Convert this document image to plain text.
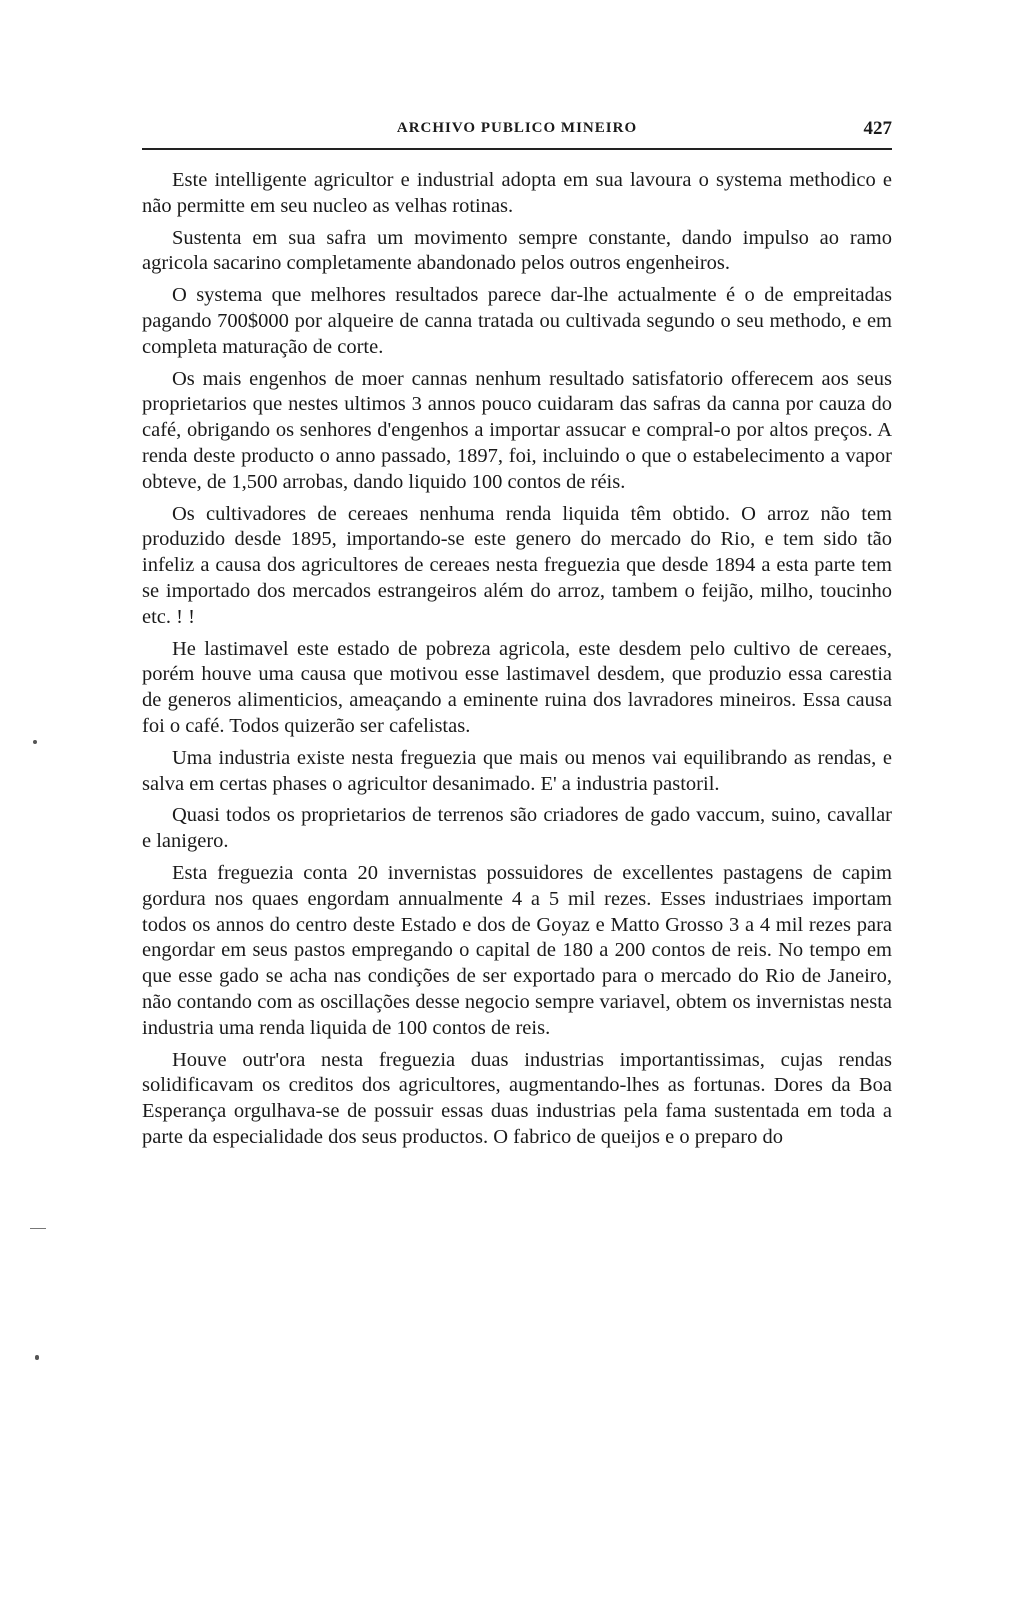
ARCHIVO PUBLICO MINEIRO	427

Este intelligente agricultor e industrial adopta em sua lavoura o systema methodico e não permitte em seu nucleo as velhas rotinas.

Sustenta em sua safra um movimento sempre constante, dando impulso ao ramo agricola sacarino completamente abandonado pelos outros engenheiros.

O systema que melhores resultados parece dar-lhe actualmente é o de empreitadas pagando 700$000 por alqueire de canna tratada ou cultivada segundo o seu methodo, e em completa maturação de corte.

Os mais engenhos de moer cannas nenhum resultado satisfatorio offerecem aos seus proprietarios que nestes ultimos 3 annos pouco cuidaram das safras da canna por cauza do café, obrigando os senhores d'engenhos a importar assucar e compral-o por altos preços. A renda deste producto o anno passado, 1897, foi, incluindo o que o estabelecimento a vapor obteve, de 1,500 arrobas, dando liquido 100 contos de réis.

Os cultivadores de cereaes nenhuma renda liquida têm obtido. O arroz não tem produzido desde 1895, importando-se este genero do mercado do Rio, e tem sido tão infeliz a causa dos agricultores de cereaes nesta freguezia que desde 1894 a esta parte tem se importado dos mercados estrangeiros além do arroz, tambem o feijão, milho, toucinho etc. ! !

He lastimavel este estado de pobreza agricola, este desdem pelo cultivo de cereaes, porém houve uma causa que motivou esse lastimavel desdem, que produzio essa carestia de generos alimenticios, ameaçando a eminente ruina dos lavradores mineiros. Essa causa foi o café. Todos quizerão ser cafelistas.

Uma industria existe nesta freguezia que mais ou menos vai equilibrando as rendas, e salva em certas phases o agricultor desanimado. E' a industria pastoril.

Quasi todos os proprietarios de terrenos são criadores de gado vaccum, suino, cavallar e lanigero.

Esta freguezia conta 20 invernistas possuidores de excellentes pastagens de capim gordura nos quaes engordam annualmente 4 a 5 mil rezes. Esses industriaes importam todos os annos do centro deste Estado e dos de Goyaz e Matto Grosso 3 a 4 mil rezes para engordar em seus pastos empregando o capital de 180 a 200 contos de reis. No tempo em que esse gado se acha nas condições de ser exportado para o mercado do Rio de Janeiro, não contando com as oscillações desse negocio sempre variavel, obtem os invernistas nesta industria uma renda liquida de 100 contos de reis.

Houve outr'ora nesta freguezia duas industrias importantissimas, cujas rendas solidificavam os creditos dos agricultores, augmentando-lhes as fortunas. Dores da Boa Esperança orgulhava-se de possuir essas duas industrias pela fama sustentada em toda a parte da especialidade dos seus productos. O fabrico de queijos e o preparo do
